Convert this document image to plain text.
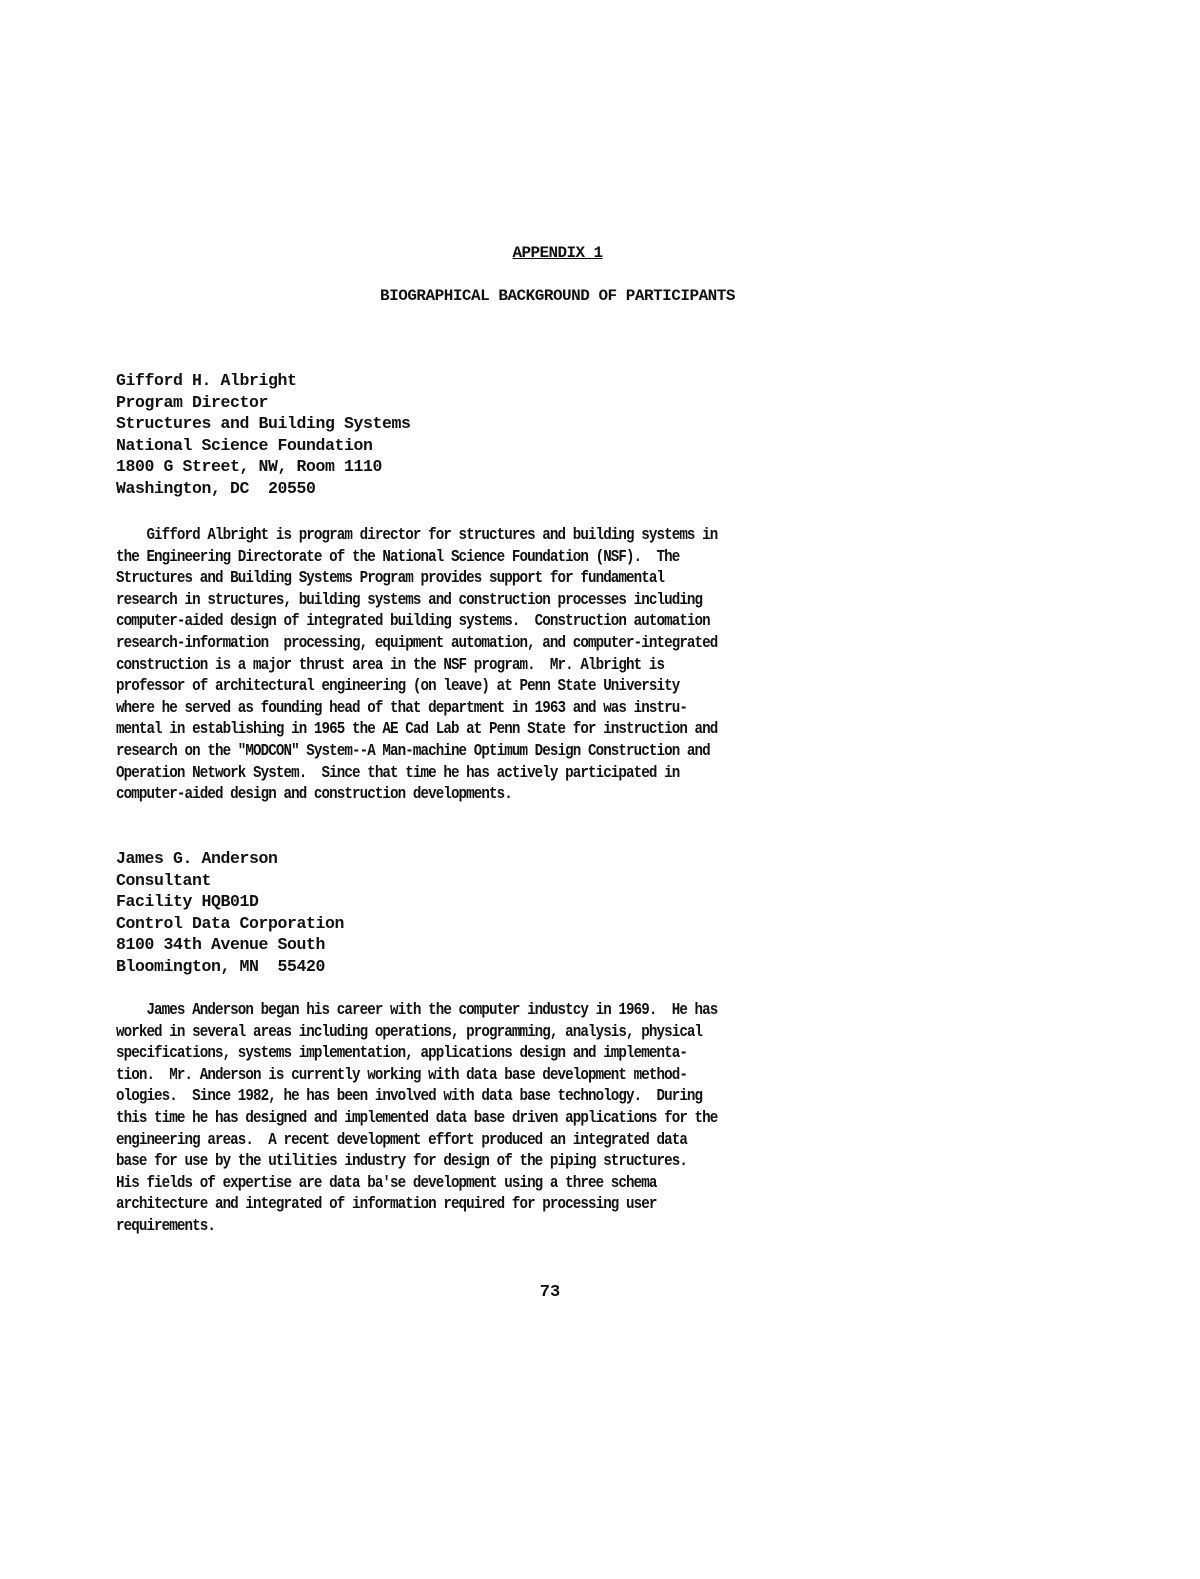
APPENDIX 1
BIOGRAPHICAL BACKGROUND OF PARTICIPANTS
Gifford H. Albright
Program Director
Structures and Building Systems
National Science Foundation
1800 G Street, NW, Room 1110
Washington, DC  20550
Gifford Albright is program director for structures and building systems in
the Engineering Directorate of the National Science Foundation (NSF).  The
Structures and Building Systems Program provides support for fundamental
research in structures, building systems and construction processes including
computer-aided design of integrated building systems.  Construction automation
research-information  processing, equipment automation, and computer-integrated
construction is a major thrust area in the NSF program.  Mr. Albright is
professor of architectural engineering (on leave) at Penn State University
where he served as founding head of that department in 1963 and was instru-
mental in establishing in 1965 the AE Cad Lab at Penn State for instruction and
research on the "MODCON" System--A Man-machine Optimum Design Construction and
Operation Network System.  Since that time he has actively participated in
computer-aided design and construction developments.
James G. Anderson
Consultant
Facility HQB01D
Control Data Corporation
8100 34th Avenue South
Bloomington, MN  55420
James Anderson began his career with the computer industcy in 1969.  He has
worked in several areas including operations, programming, analysis, physical
specifications, systems implementation, applications design and implementa-
tion.  Mr. Anderson is currently working with data base development method-
ologies.  Since 1982, he has been involved with data base technology.  During
this time he has designed and implemented data base driven applications for the
engineering areas.  A recent development effort produced an integrated data
base for use by the utilities industry for design of the piping structures.
His fields of expertise are data ba'se development using a three schema
architecture and integrated of information required for processing user
requirements.
73
